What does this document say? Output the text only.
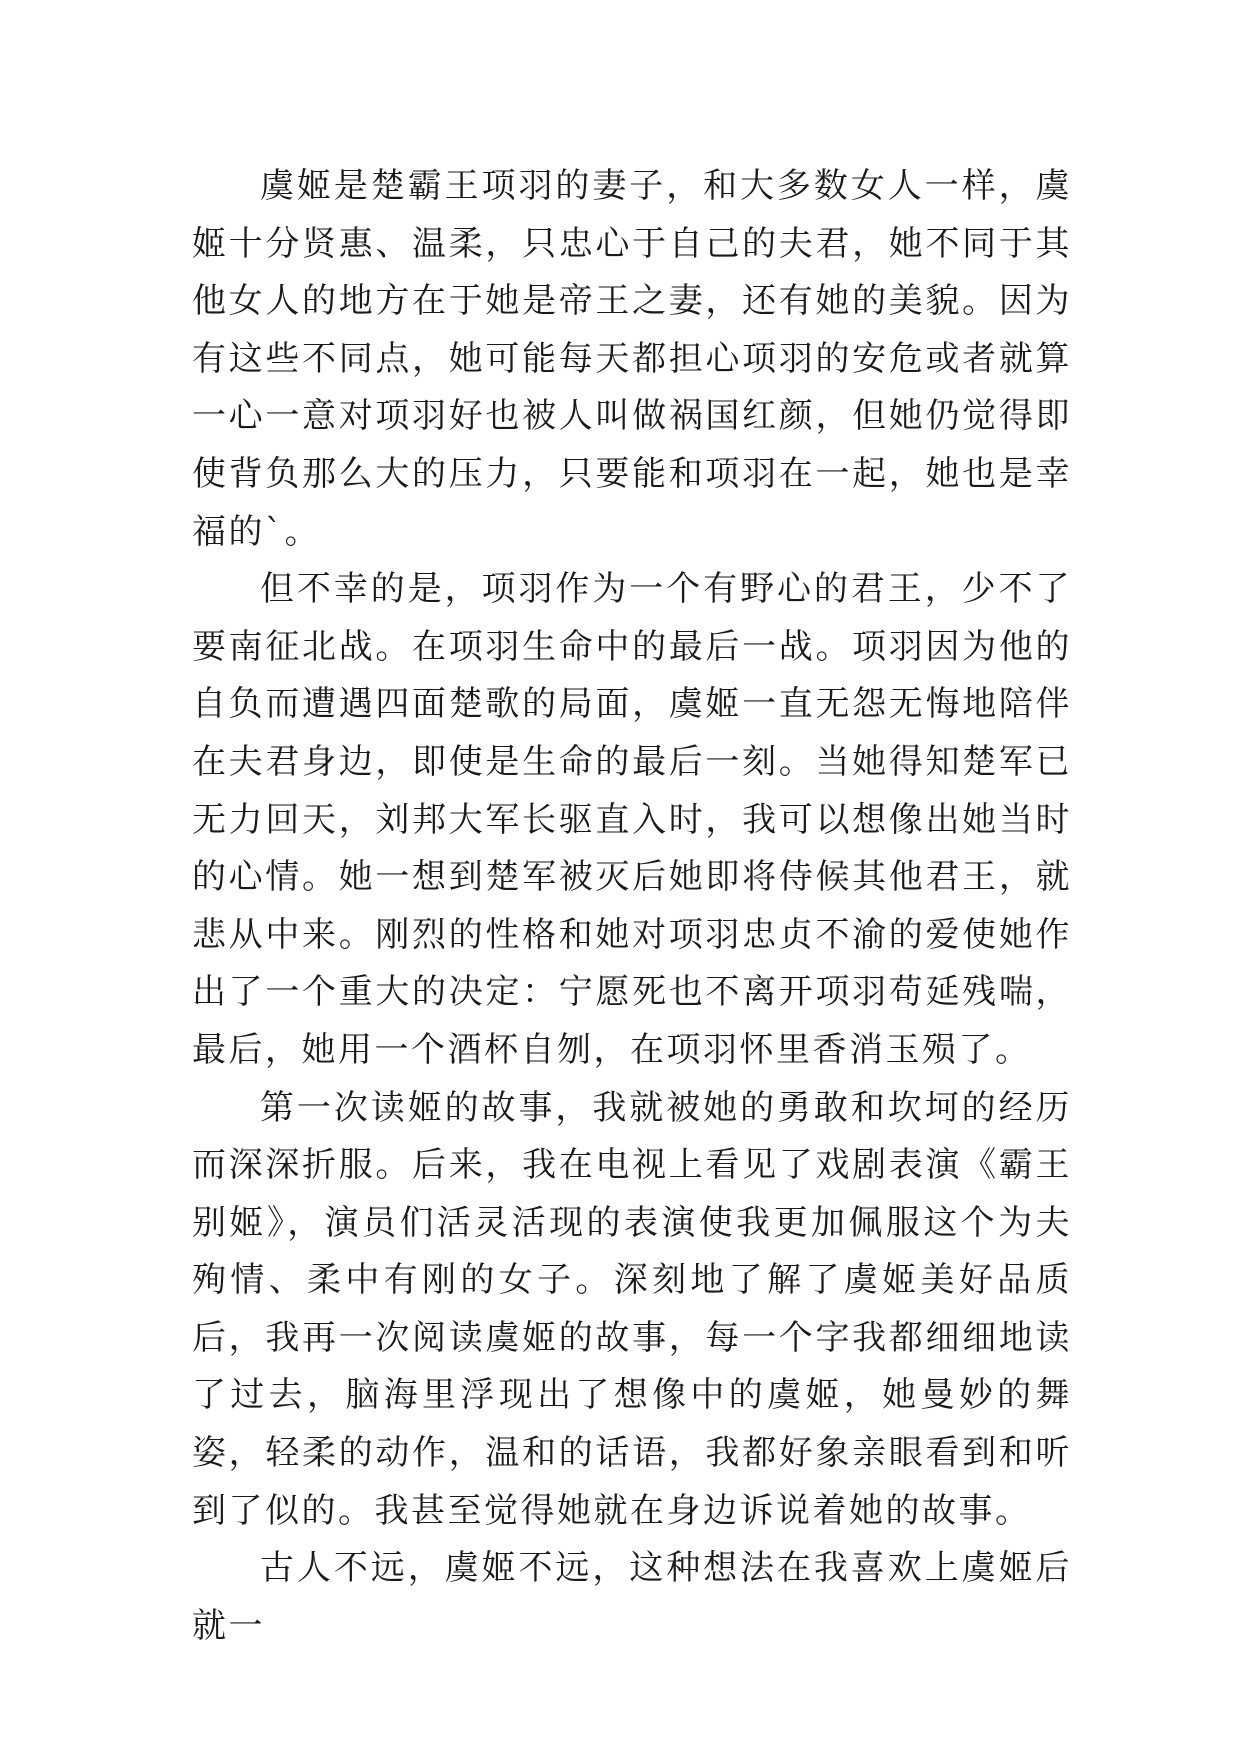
虞姬是楚霸王项羽的妻子，和大多数女人一样，虞姬十分贤惠、温柔，只忠心于自己的夫君，她不同于其他女人的地方在于她是帝王之妻，还有她的美貌。因为有这些不同点，她可能每天都担心项羽的安危或者就算一心一意对项羽好也被人叫做祸国红颜，但她仍觉得即使背负那么大的压力，只要能和项羽在一起，她也是幸福的`。

但不幸的是，项羽作为一个有野心的君王，少不了要南征北战。在项羽生命中的最后一战。项羽因为他的自负而遭遇四面楚歌的局面，虞姬一直无怨无悔地陪伴在夫君身边，即使是生命的最后一刻。当她得知楚军已无力回天，刘邦大军长驱直入时，我可以想像出她当时的心情。她一想到楚军被灭后她即将侍候其他君王，就悲从中来。刚烈的性格和她对项羽忠贞不渝的爱使她作出了一个重大的决定：宁愿死也不离开项羽苟延残喘，最后，她用一个酒杯自刎，在项羽怀里香消玉殒了。

第一次读姬的故事，我就被她的勇敢和坎坷的经历而深深折服。后来，我在电视上看见了戏剧表演《霸王别姬》，演员们活灵活现的表演使我更加佩服这个为夫殉情、柔中有刚的女子。深刻地了解了虞姬美好品质后，我再一次阅读虞姬的故事，每一个字我都细细地读了过去，脑海里浮现出了想像中的虞姬，她曼妙的舞姿，轻柔的动作，温和的话语，我都好象亲眼看到和听到了似的。我甚至觉得她就在身边诉说着她的故事。

古人不远，虞姬不远，这种想法在我喜欢上虞姬后就一
